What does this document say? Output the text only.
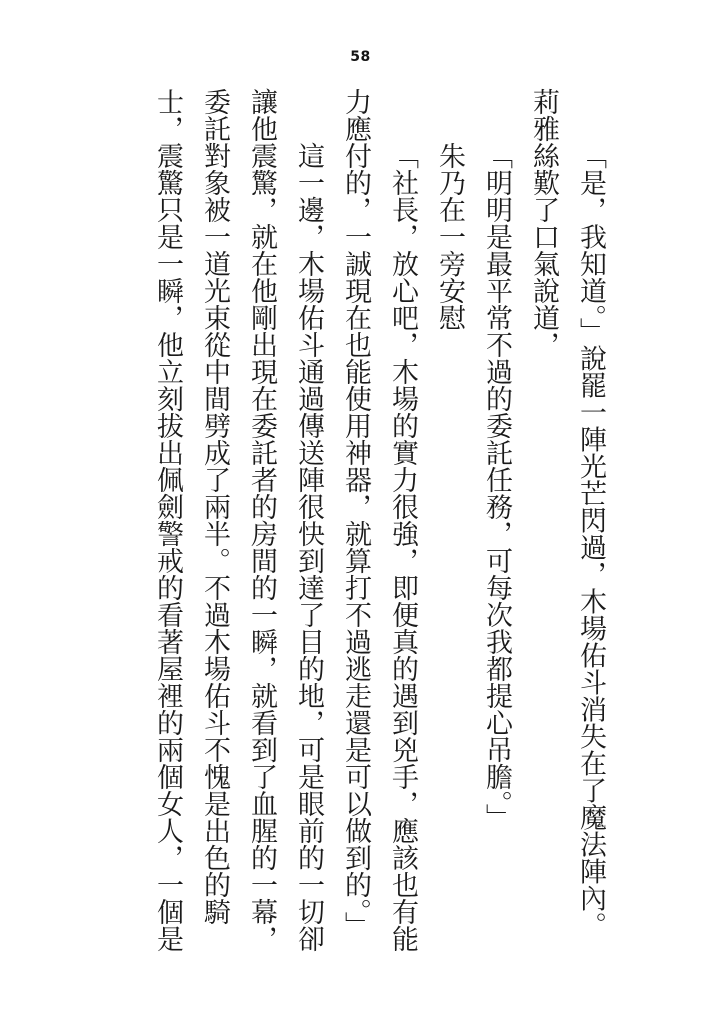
58

「是，我知道。」說罷一陣光芒閃過，木場佑斗消失在了魔法陣內。

莉雅絲歎了口氣說道，

「明明是最平常不過的委託任務，可每次我都提心吊膽。」

朱乃在一旁安慰

「社長，放心吧，木場的實力很強，即便真的遇到兇手，應該也有能力應付的，一誠現在也能使用神器，就算打不過逃走還是可以做到的。」

這一邊，木場佑斗通過傳送陣很快到達了目的地，可是眼前的一切卻讓他震驚，就在他剛出現在委託者的房間的一瞬，就看到了血腥的一幕，委託對象被一道光束從中間劈成了兩半。不過木場佑斗不愧是出色的騎士，震驚只是一瞬，他立刻拔出佩劍警戒的看著屋裡的兩個女人，一個是
